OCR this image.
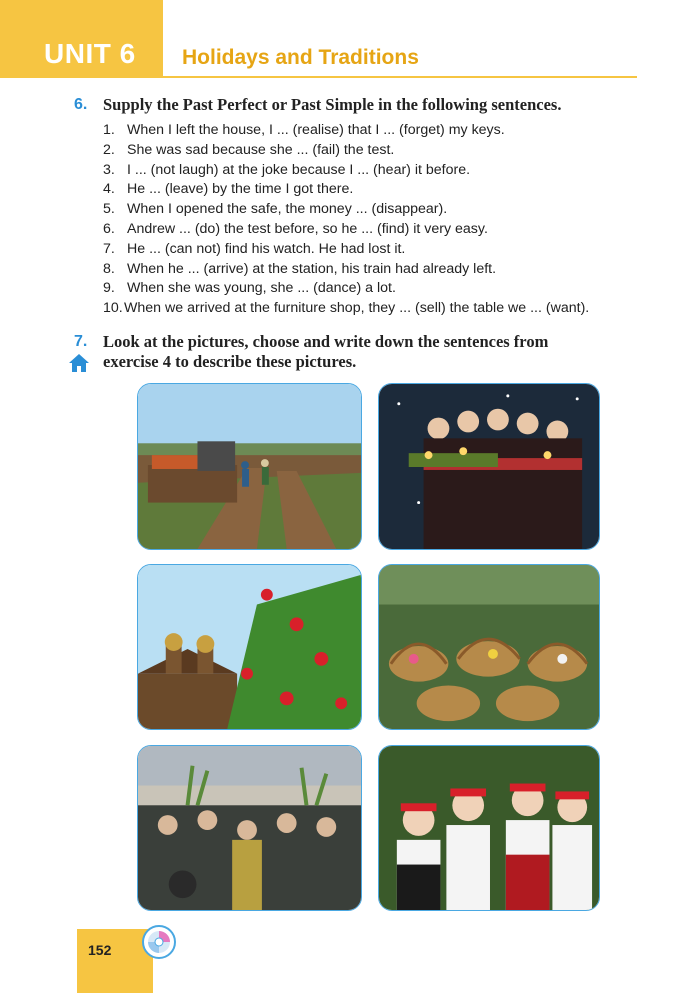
UNIT 6 Holidays and Traditions
6. Supply the Past Perfect or Past Simple in the following sentences.
1. When I left the house, I ... (realise) that I ... (forget) my keys.
2. She was sad because she ... (fail) the test.
3. I ... (not laugh) at the joke because I ... (hear) it before.
4. He ... (leave) by the time I got there.
5. When I opened the safe, the money ... (disappear).
6. Andrew ... (do) the test before, so he ... (find) it very easy.
7. He ... (can not) find his watch. He had lost it.
8. When he ... (arrive) at the station, his train had already left.
9. When she was young, she ... (dance) a lot.
10.When we arrived at the furniture shop, they ... (sell) the table we ... (want).
7. Look at the pictures, choose and write down the sentences from
exercise 4 to describe these pictures.
152
